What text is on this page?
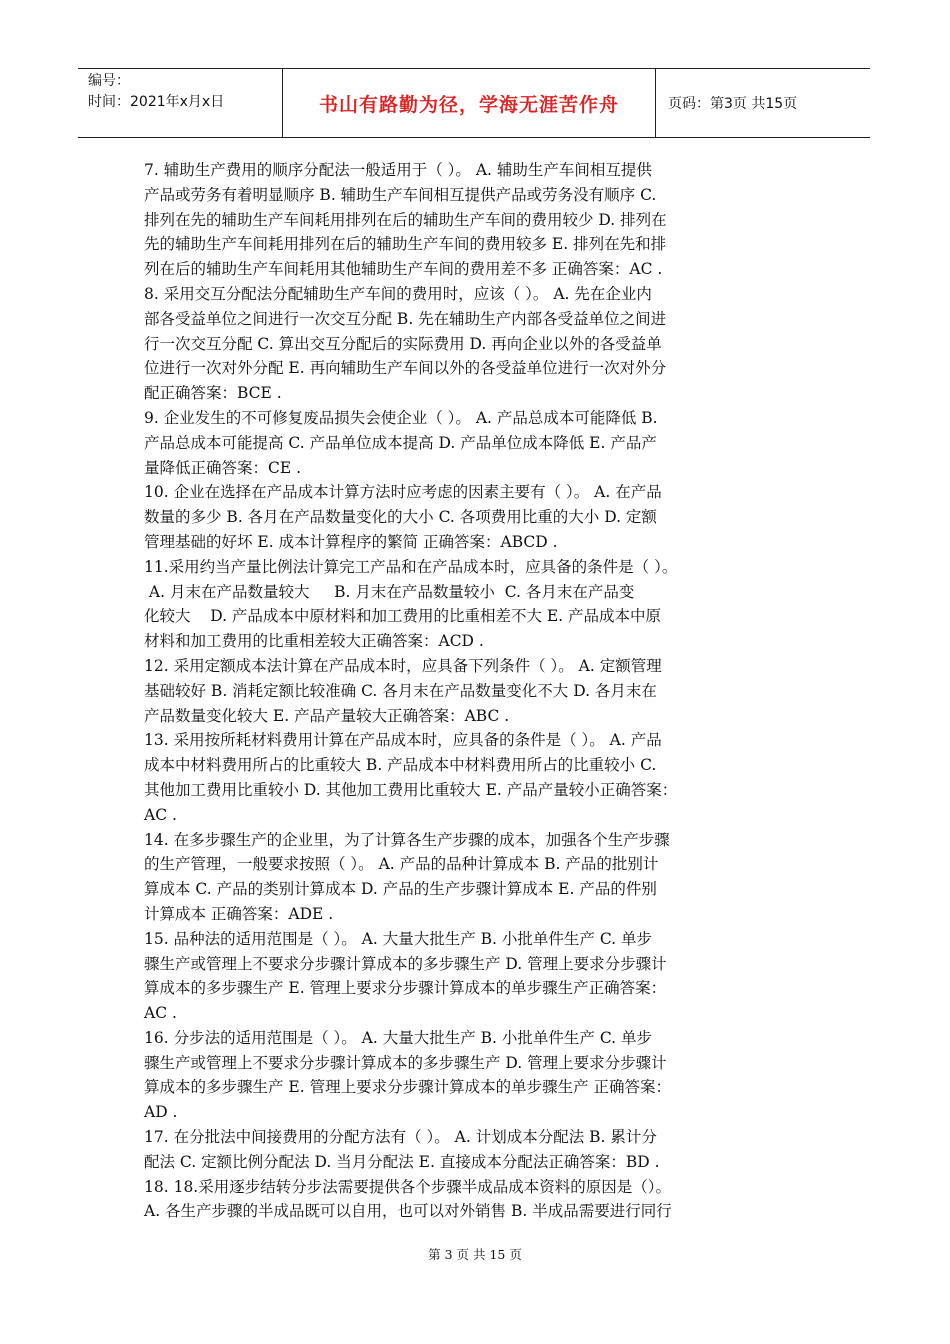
编号：
时间：2021年x月x日	书山有路勤为径，学海无涯苦作舟	页码：第3页 共15页

7. 辅助生产费用的顺序分配法一般适用于（ ）。 A. 辅助生产车间相互提供

产品或劳务有着明显顺序 B. 辅助生产车间相互提供产品或劳务没有顺序 C.

排列在先的辅助生产车间耗用排列在后的辅助生产车间的费用较少 D. 排列在

先的辅助生产车间耗用排列在后的辅助生产车间的费用较多 E. 排列在先和排

列在后的辅助生产车间耗用其他辅助生产车间的费用差不多 正确答案：AC .

8. 采用交互分配法分配辅助生产车间的费用时，应该（ ）。 A. 先在企业内

部各受益单位之间进行一次交互分配 B. 先在辅助生产内部各受益单位之间进

行一次交互分配 C. 算出交互分配后的实际费用 D. 再向企业以外的各受益单

位进行一次对外分配 E. 再向辅助生产车间以外的各受益单位进行一次对外分

配正确答案：BCE .

9. 企业发生的不可修复废品损失会使企业（ ）。 A. 产品总成本可能降低 B.

产品总成本可能提高 C. 产品单位成本提高 D. 产品单位成本降低 E. 产品产

量降低正确答案：CE .

10. 企业在选择在产品成本计算方法时应考虑的因素主要有（ ）。 A. 在产品

数量的多少 B. 各月在产品数量变化的大小 C. 各项费用比重的大小 D. 定额

管理基础的好坏 E. 成本计算程序的繁简 正确答案：ABCD .

11.采用约当产量比例法计算完工产品和在产品成本时，应具备的条件是（ ）。

A. 月末在产品数量较大     B. 月末在产品数量较小  C. 各月末在产品变

化较大    D. 产品成本中原材料和加工费用的比重相差不大 E. 产品成本中原

材料和加工费用的比重相差较大正确答案：ACD .

12. 采用定额成本法计算在产品成本时，应具备下列条件（ ）。 A. 定额管理

基础较好 B. 消耗定额比较准确 C. 各月末在产品数量变化不大 D. 各月末在

产品数量变化较大 E. 产品产量较大正确答案：ABC .

13. 采用按所耗材料费用计算在产品成本时，应具备的条件是（ ）。 A. 产品

成本中材料费用所占的比重较大 B. 产品成本中材料费用所占的比重较小 C.

其他加工费用比重较小 D. 其他加工费用比重较大 E. 产品产量较小正确答案：

AC .

14. 在多步骤生产的企业里，为了计算各生产步骤的成本，加强各个生产步骤

的生产管理，一般要求按照（ ）。 A. 产品的品种计算成本 B. 产品的批别计

算成本 C. 产品的类别计算成本 D. 产品的生产步骤计算成本 E. 产品的件别

计算成本 正确答案：ADE .

15. 品种法的适用范围是（ ）。 A. 大量大批生产 B. 小批单件生产 C. 单步

骤生产或管理上不要求分步骤计算成本的多步骤生产 D. 管理上要求分步骤计

算成本的多步骤生产 E. 管理上要求分步骤计算成本的单步骤生产正确答案：

AC .

16. 分步法的适用范围是（ ）。 A. 大量大批生产 B. 小批单件生产 C. 单步

骤生产或管理上不要求分步骤计算成本的多步骤生产 D. 管理上要求分步骤计

算成本的多步骤生产 E. 管理上要求分步骤计算成本的单步骤生产 正确答案：

AD .

17. 在分批法中间接费用的分配方法有（ ）。 A. 计划成本分配法 B. 累计分

配法 C. 定额比例分配法 D. 当月分配法 E. 直接成本分配法正确答案：BD .

18. 18.采用逐步结转分步法需要提供各个步骤半成品成本资料的原因是（）。

A. 各生产步骤的半成品既可以自用，也可以对外销售 B. 半成品需要进行同行

第 3 页 共 15 页
